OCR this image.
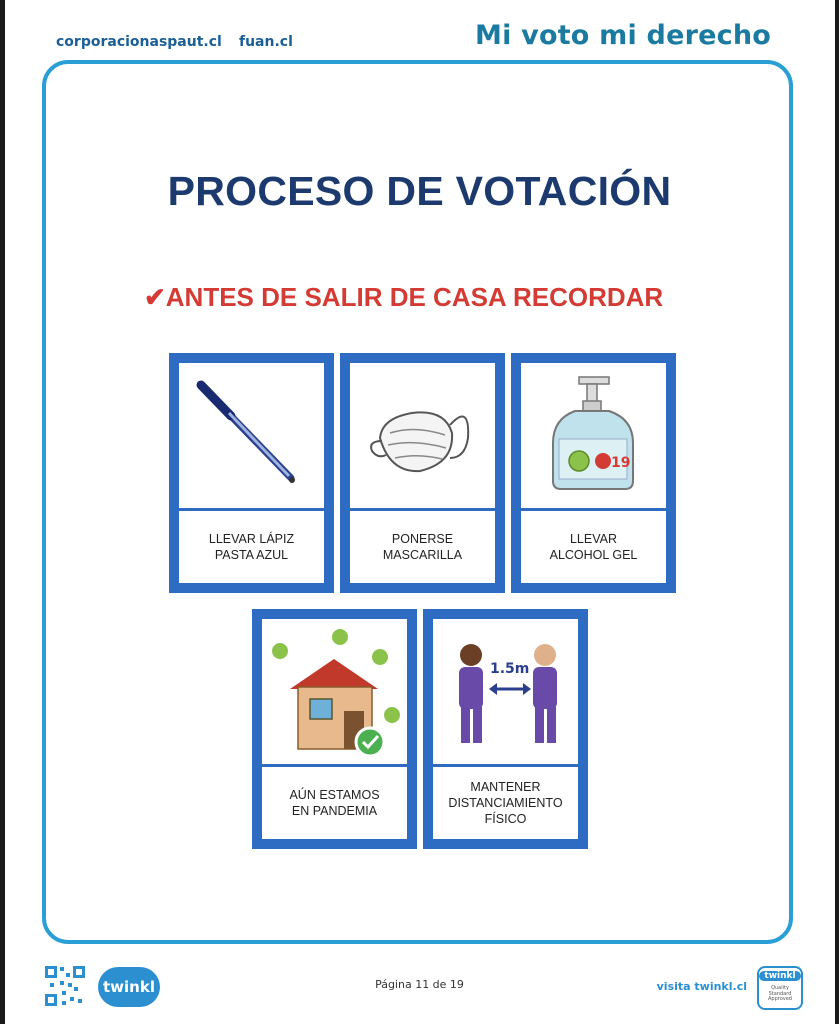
corporacionaspaut.cl fuan.cl	Mi voto mi derecho
PROCESO DE VOTACIÓN
✔ANTES DE SALIR DE CASA RECORDAR
LLEVAR LÁPIZ
PASTA AZUL
PONERSE
MASCARILLA
19
LLEVAR
ALCOHOL GEL
AÚN ESTAMOS
EN PANDEMIA
1.5m
MANTENER
DISTANCIAMIENTO
FÍSICO
twinkl	Página 11 de 19	visita twinkl.cl
twinkl
Quality Standard Approved
